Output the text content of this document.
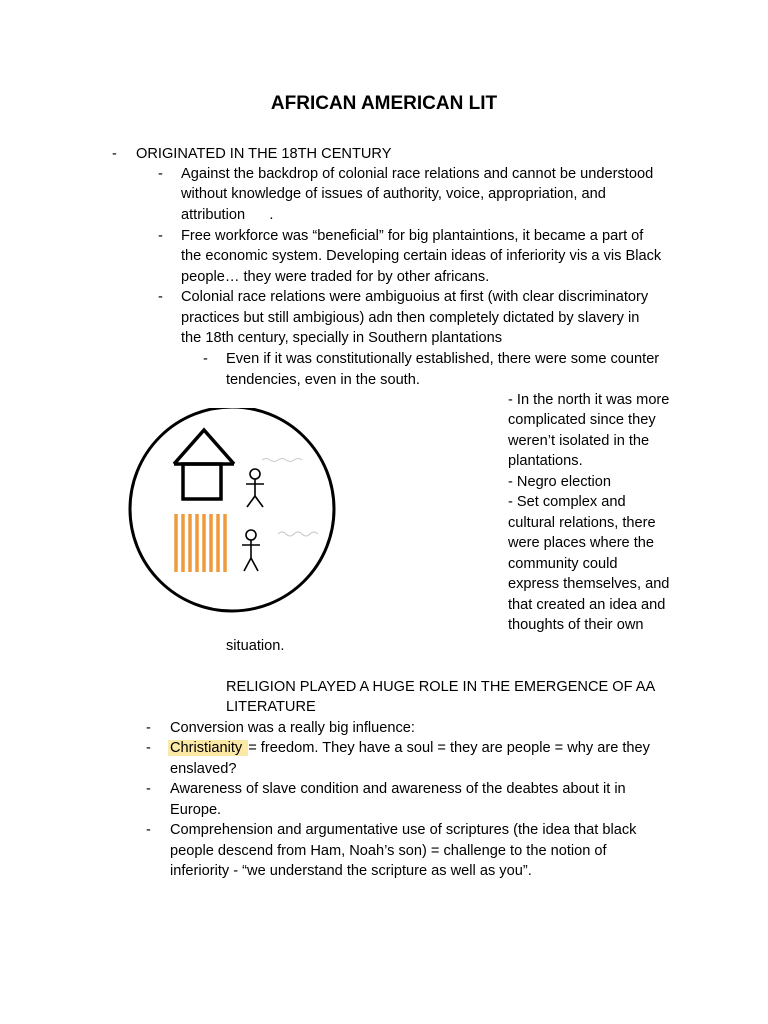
AFRICAN AMERICAN LIT
- ORIGINATED IN THE 18TH CENTURY
- Against the backdrop of colonial race relations and cannot be understood
without knowledge of issues of authority, voice, appropriation, and
attribution      .
- Free workforce was “beneficial” for big plantaintions, it became a part of
the economic system. Developing certain ideas of inferiority vis a vis Black
people… they were traded for by other africans.
- Colonial race relations were ambiguoius at first (with clear discriminatory
practices but still ambigious) adn then completely dictated by slavery in
the 18th century, specially in Southern plantations
- Even if it was constitutionally established, there were some counter
tendencies, even in the south.
- In the north it was more
complicated since they
weren’t isolated in the
plantations.
- Negro election
- Set complex and
cultural relations, there
were places where the
community could
express themselves, and
that created an idea and
thoughts of their own
situation.
RELIGION PLAYED A HUGE ROLE IN THE EMERGENCE OF AA
LITERATURE
- Conversion was a really big influence:
- Christianity = freedom. They have a soul = they are people = why are they
enslaved?
- Awareness of slave condition and awareness of the deabtes about it in
Europe.
- Comprehension and argumentative use of scriptures (the idea that black
people descend from Ham, Noah’s son) = challenge to the notion of
inferiority - “we understand the scripture as well as you”.
